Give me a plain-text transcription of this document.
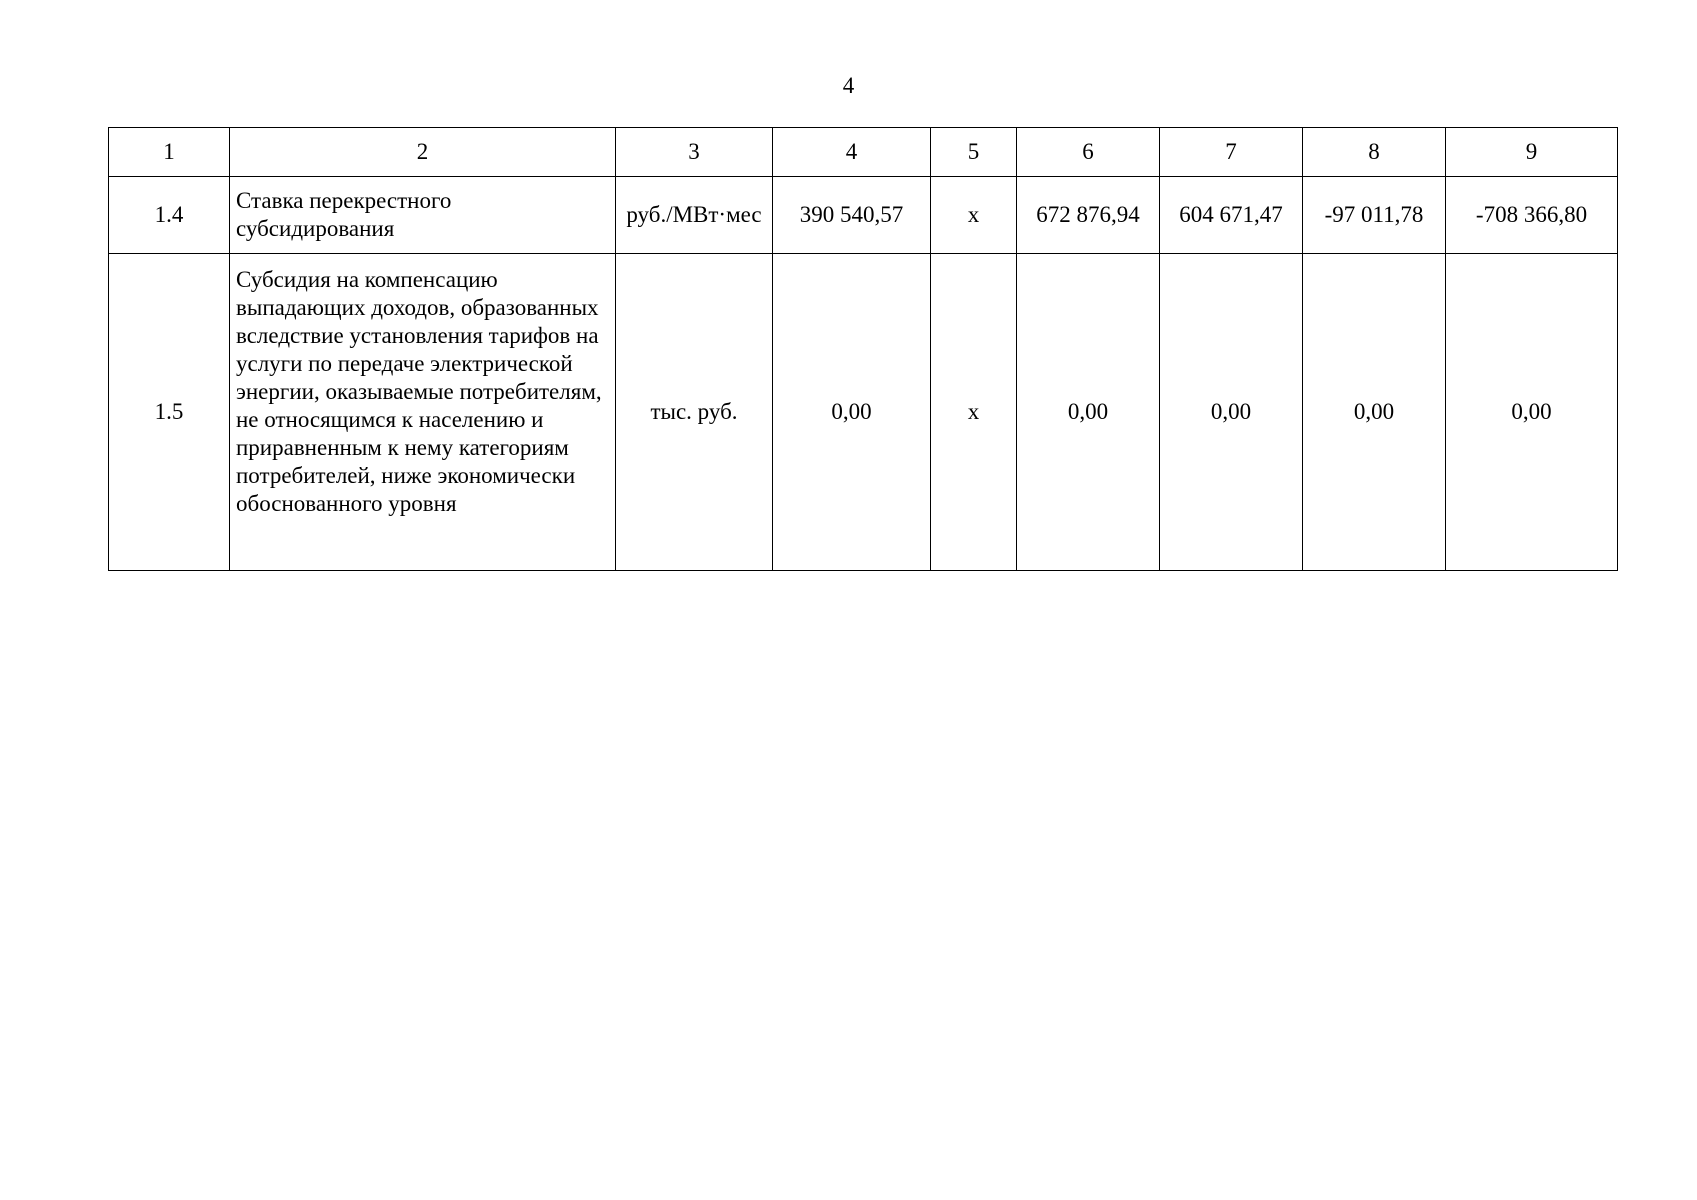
4
1	2	3	4	5	6	7	8	9
1.4	Ставка перекрестного субсидирования	руб./МВт·мес	390 540,57	х	672 876,94	604 671,47	-97 011,78	-708 366,80
1.5	Субсидия на компенсацию выпадающих доходов, образованных вследствие установления тарифов на услуги по передаче электрической энергии, оказываемые потребителям, не относящимся к населению и приравненным к нему категориям потребителей, ниже экономически обоснованного уровня	тыс. руб.	0,00	х	0,00	0,00	0,00	0,00
